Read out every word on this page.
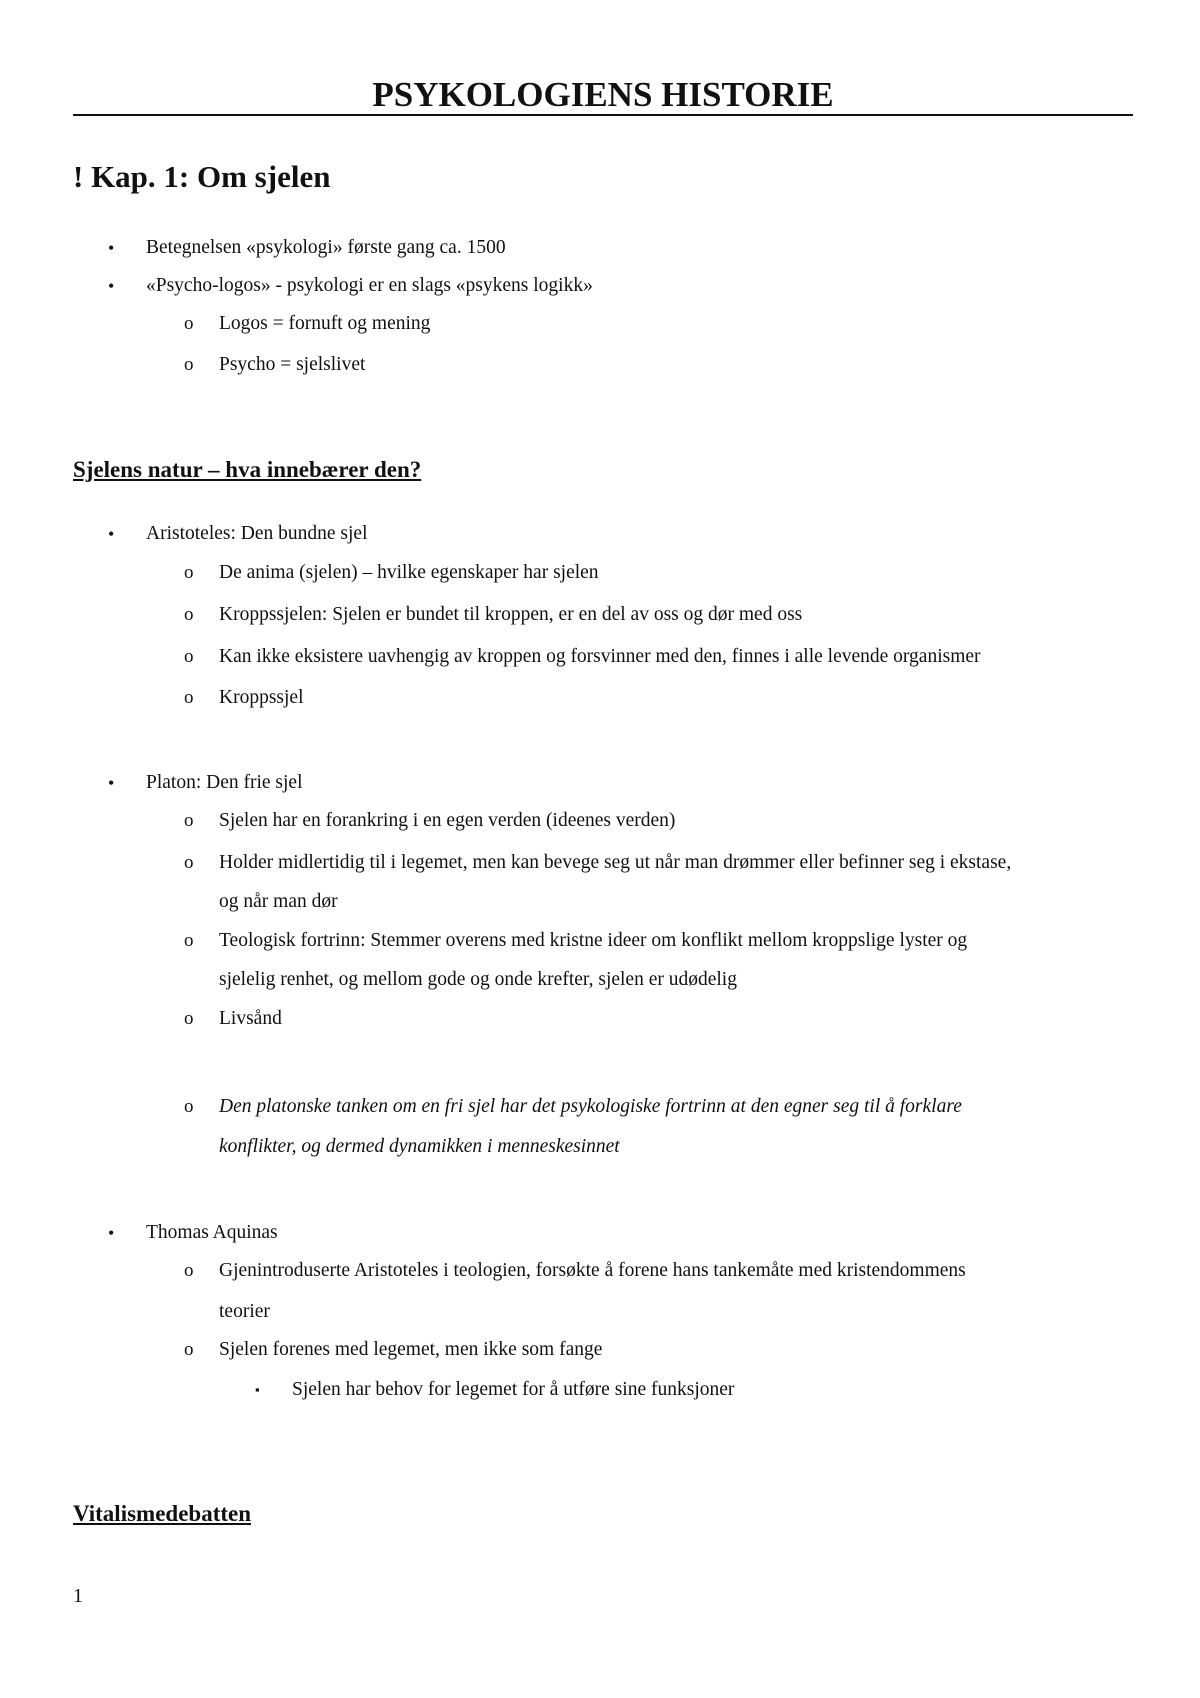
PSYKOLOGIENS HISTORIE
! Kap. 1: Om sjelen
• Betegnelsen «psykologi» første gang ca. 1500
• «Psycho-logos» - psykologi er en slags «psykens logikk»
o Logos = fornuft og mening
o Psycho = sjelslivet
Sjelens natur – hva innebærer den?
• Aristoteles: Den bundne sjel
o De anima (sjelen) – hvilke egenskaper har sjelen
o Kroppssjelen: Sjelen er bundet til kroppen, er en del av oss og dør med oss
o Kan ikke eksistere uavhengig av kroppen og forsvinner med den, finnes i alle levende organismer
o Kroppssjel
• Platon: Den frie sjel
o Sjelen har en forankring i en egen verden (ideenes verden)
o Holder midlertidig til i legemet, men kan bevege seg ut når man drømmer eller befinner seg i ekstase,
og når man dør
o Teologisk fortrinn: Stemmer overens med kristne ideer om konflikt mellom kroppslige lyster og
sjelelig renhet, og mellom gode og onde krefter, sjelen er udødelig
o Livsånd
o Den platonske tanken om en fri sjel har det psykologiske fortrinn at den egner seg til å forklare
konflikter, og dermed dynamikken i menneskesinnet
• Thomas Aquinas
o Gjenintroduserte Aristoteles i teologien, forsøkte å forene hans tankemåte med kristendommens
teorier
o Sjelen forenes med legemet, men ikke som fange
▪ Sjelen har behov for legemet for å utføre sine funksjoner
Vitalismedebatten
1
